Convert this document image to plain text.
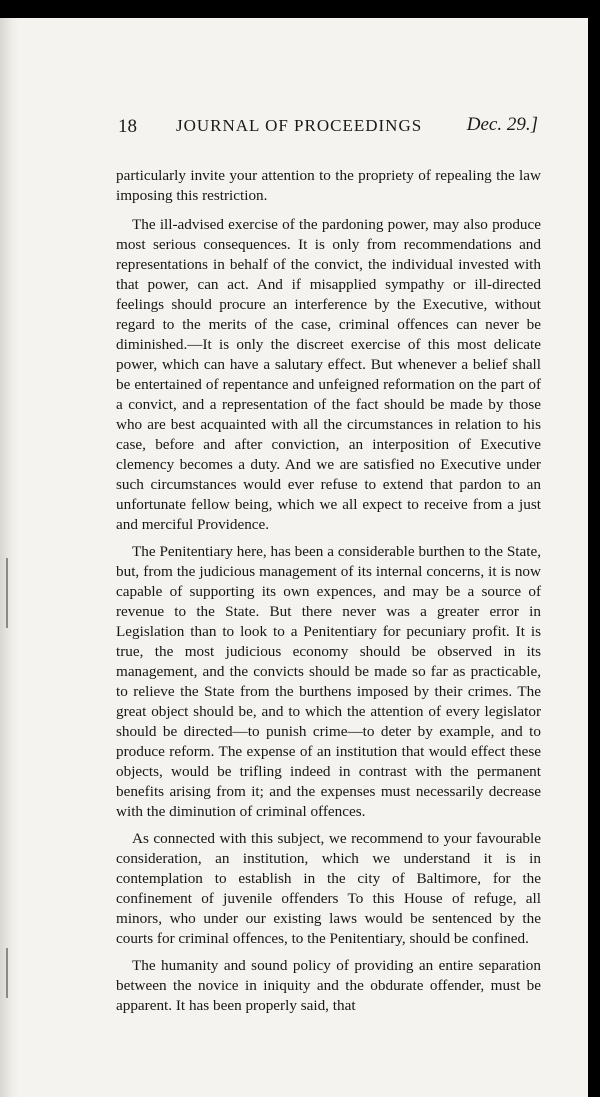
18 JOURNAL OF PROCEEDINGS Dec. 29.]

particularly invite your attention to the propriety of repealing the law imposing this restriction.

The ill-advised exercise of the pardoning power, may also produce most serious consequences. It is only from recommendations and representations in behalf of the convict, the individual invested with that power, can act. And if misapplied sympathy or ill-directed feelings should procure an interference by the Executive, without regard to the merits of the case, criminal offences can never be diminished.—It is only the discreet exercise of this most delicate power, which can have a salutary effect. But whenever a belief shall be entertained of repentance and unfeigned reformation on the part of a convict, and a representation of the fact should be made by those who are best acquainted with all the circumstances in relation to his case, before and after conviction, an interposition of Executive clemency becomes a duty. And we are satisfied no Executive under such circumstances would ever refuse to extend that pardon to an unfortunate fellow being, which we all expect to receive from a just and merciful Providence.

The Penitentiary here, has been a considerable burthen to the State, but, from the judicious management of its internal concerns, it is now capable of supporting its own expences, and may be a source of revenue to the State. But there never was a greater error in Legislation than to look to a Penitentiary for pecuniary profit. It is true, the most judicious economy should be observed in its management, and the convicts should be made so far as practicable, to relieve the State from the burthens imposed by their crimes. The great object should be, and to which the attention of every legislator should be directed—to punish crime—to deter by example, and to produce reform. The expense of an institution that would effect these objects, would be trifling indeed in contrast with the permanent benefits arising from it; and the expenses must necessarily decrease with the diminution of criminal offences.

As connected with this subject, we recommend to your favourable consideration, an institution, which we understand it is in contemplation to establish in the city of Baltimore, for the confinement of juvenile offenders To this House of refuge, all minors, who under our existing laws would be sentenced by the courts for criminal offences, to the Penitentiary, should be confined.

The humanity and sound policy of providing an entire separation between the novice in iniquity and the obdurate offender, must be apparent. It has been properly said, that
